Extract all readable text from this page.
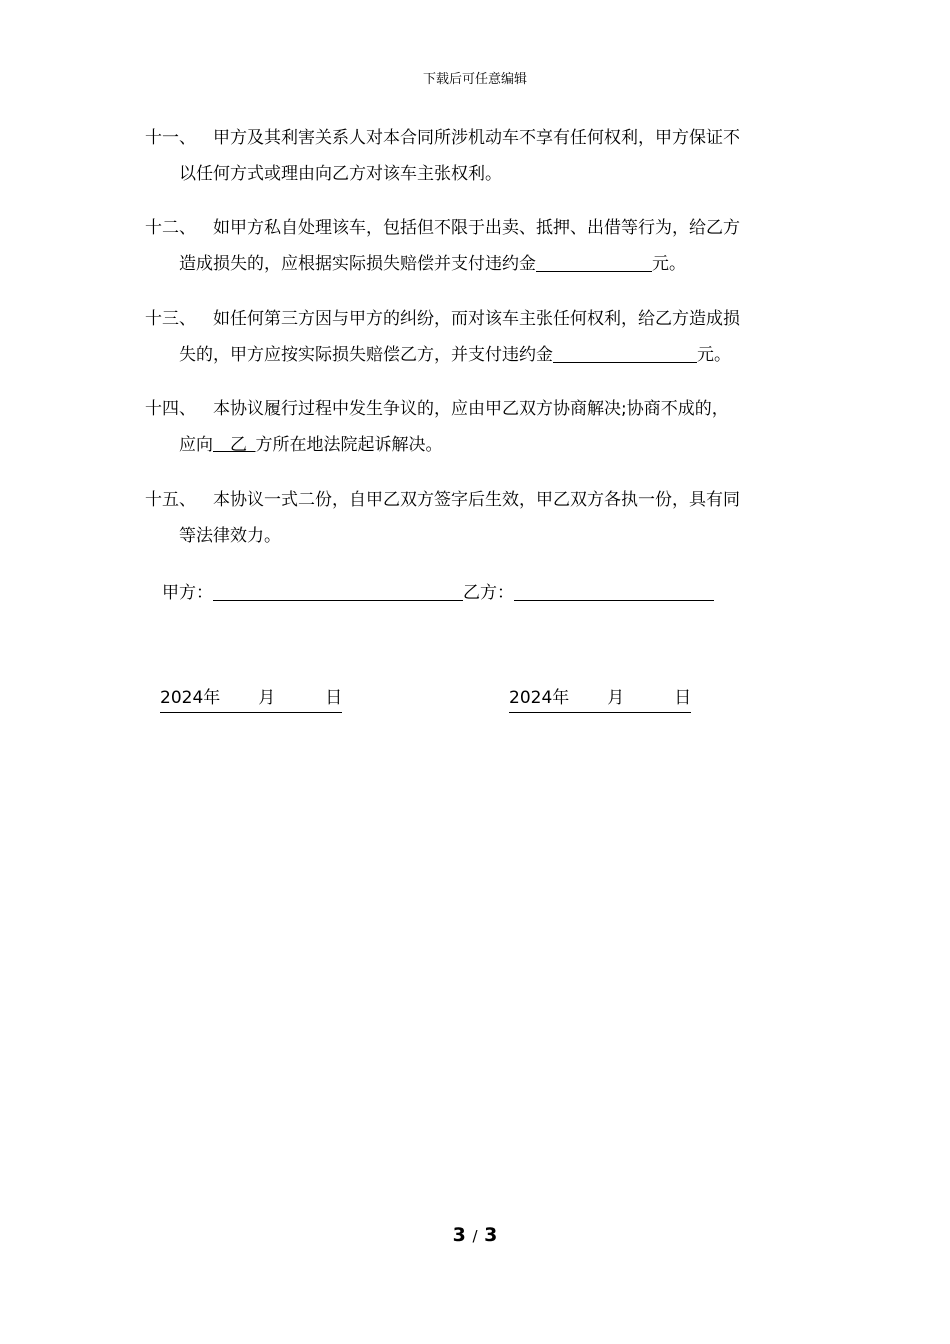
下载后可任意编辑
十一、 甲方及其利害关系人对本合同所涉机动车不享有任何权利，甲方保证不
以任何方式或理由向乙方对该车主张权利。
十二、 如甲方私自处理该车，包括但不限于出卖、抵押、出借等行为，给乙方
造成损失的，应根据实际损失赔偿并支付违约金	元。
十三、 如任何第三方因与甲方的纠纷，而对该车主张任何权利，给乙方造成损
失的，甲方应按实际损失赔偿乙方，并支付违约金	元。
十四、 本协议履行过程中发生争议的，应由甲乙双方协商解决;协商不成的，
应向   乙  方所在地法院起诉解决。
十五、 本协议一式二份，自甲乙双方签字后生效，甲乙双方各执一份，具有同
等法律效力。
甲方：	乙方：
2024年 月	日	2024年 月	日
3 / 3
